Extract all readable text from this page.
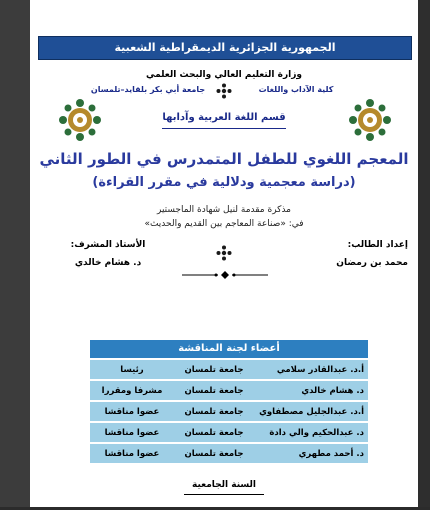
الجمهورية الجزائرية الديمقراطية الشعبية
وزارة التعليم العالي والبحث العلمي
جامعة أبي بكر بلقايد–تلمسان	كلية الآداب واللغات
قسم اللغة العربية وآدابها
المعجم اللغوي للطفل المتمدرس في الطور الثاني
(دراسة معجمية ودلالية في مقرر القراءة)
مذكرة مقدمة لنيل شهادة الماجستير
في: «صناعة المعاجم بين القديم والحديث»
الأستاذ المشرف:
د. هشام خالدي
إعداد الطالب:
محمد بن رمضان
أعضاء لجنة المناقشة
أ.د. عبدالقادر سلامي
جامعة تلمسان
رئيسا
د. هشام خالدي
جامعة تلمسان
مشرفا ومقررا
أ.د. عبدالجليل مصطفاوي
جامعة تلمسان
عضوا مناقشا
د. عبدالحكيم والي دادة
جامعة تلمسان
عضوا مناقشا
د. أحمد مطهري
جامعة تلمسان
عضوا مناقشا
السنة الجامعية
